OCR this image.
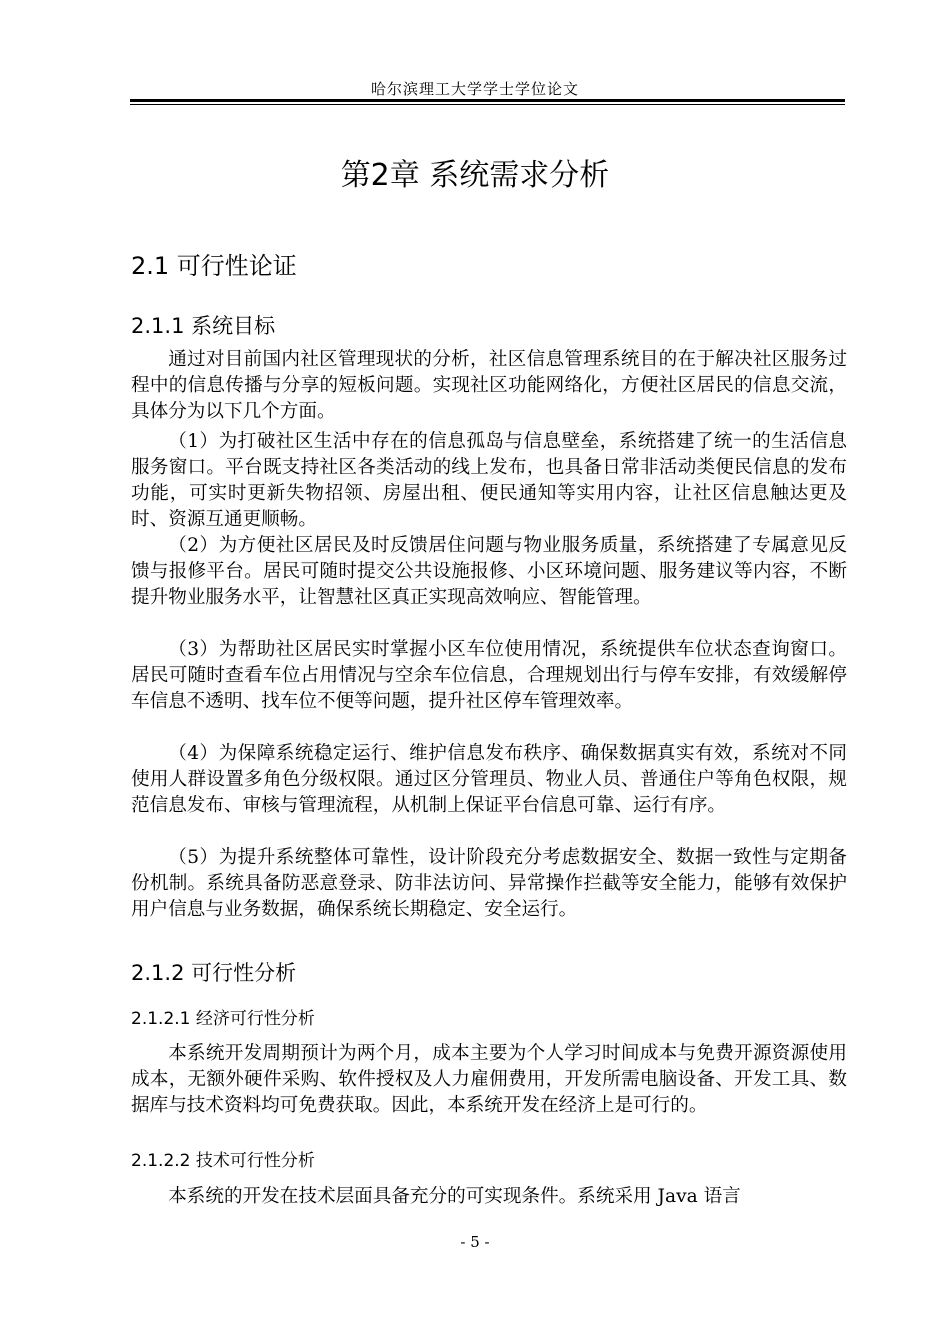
哈尔滨理工大学学士学位论文
第2章 系统需求分析
2.1 可行性论证
2.1.1 系统目标

通过对目前国内社区管理现状的分析，社区信息管理系统目的在于解决社区服务过程中的信息传播与分享的短板问题。实现社区功能网络化，方便社区居民的信息交流，具体分为以下几个方面。

（1）为打破社区生活中存在的信息孤岛与信息壁垒，系统搭建了统一的生活信息服务窗口。平台既支持社区各类活动的线上发布，也具备日常非活动类便民信息的发布功能，可实时更新失物招领、房屋出租、便民通知等实用内容，让社区信息触达更及时、资源互通更顺畅。

（2）为方便社区居民及时反馈居住问题与物业服务质量，系统搭建了专属意见反馈与报修平台。居民可随时提交公共设施报修、小区环境问题、服务建议等内容，不断提升物业服务水平，让智慧社区真正实现高效响应、智能管理。

（3）为帮助社区居民实时掌握小区车位使用情况，系统提供车位状态查询窗口。居民可随时查看车位占用情况与空余车位信息，合理规划出行与停车安排，有效缓解停车信息不透明、找车位不便等问题，提升社区停车管理效率。

（4）为保障系统稳定运行、维护信息发布秩序、确保数据真实有效，系统对不同使用人群设置多角色分级权限。通过区分管理员、物业人员、普通住户等角色权限，规范信息发布、审核与管理流程，从机制上保证平台信息可靠、运行有序。

（5）为提升系统整体可靠性，设计阶段充分考虑数据安全、数据一致性与定期备份机制。系统具备防恶意登录、防非法访问、异常操作拦截等安全能力，能够有效保护用户信息与业务数据，确保系统长期稳定、安全运行。

2.1.2 可行性分析
2.1.2.1 经济可行性分析

本系统开发周期预计为两个月，成本主要为个人学习时间成本与免费开源资源使用成本，无额外硬件采购、软件授权及人力雇佣费用，开发所需电脑设备、开发工具、数据库与技术资料均可免费获取。因此，本系统开发在经济上是可行的。

2.1.2.2 技术可行性分析

本系统的开发在技术层面具备充分的可实现条件。系统采用 Java 语言

- 5 -
